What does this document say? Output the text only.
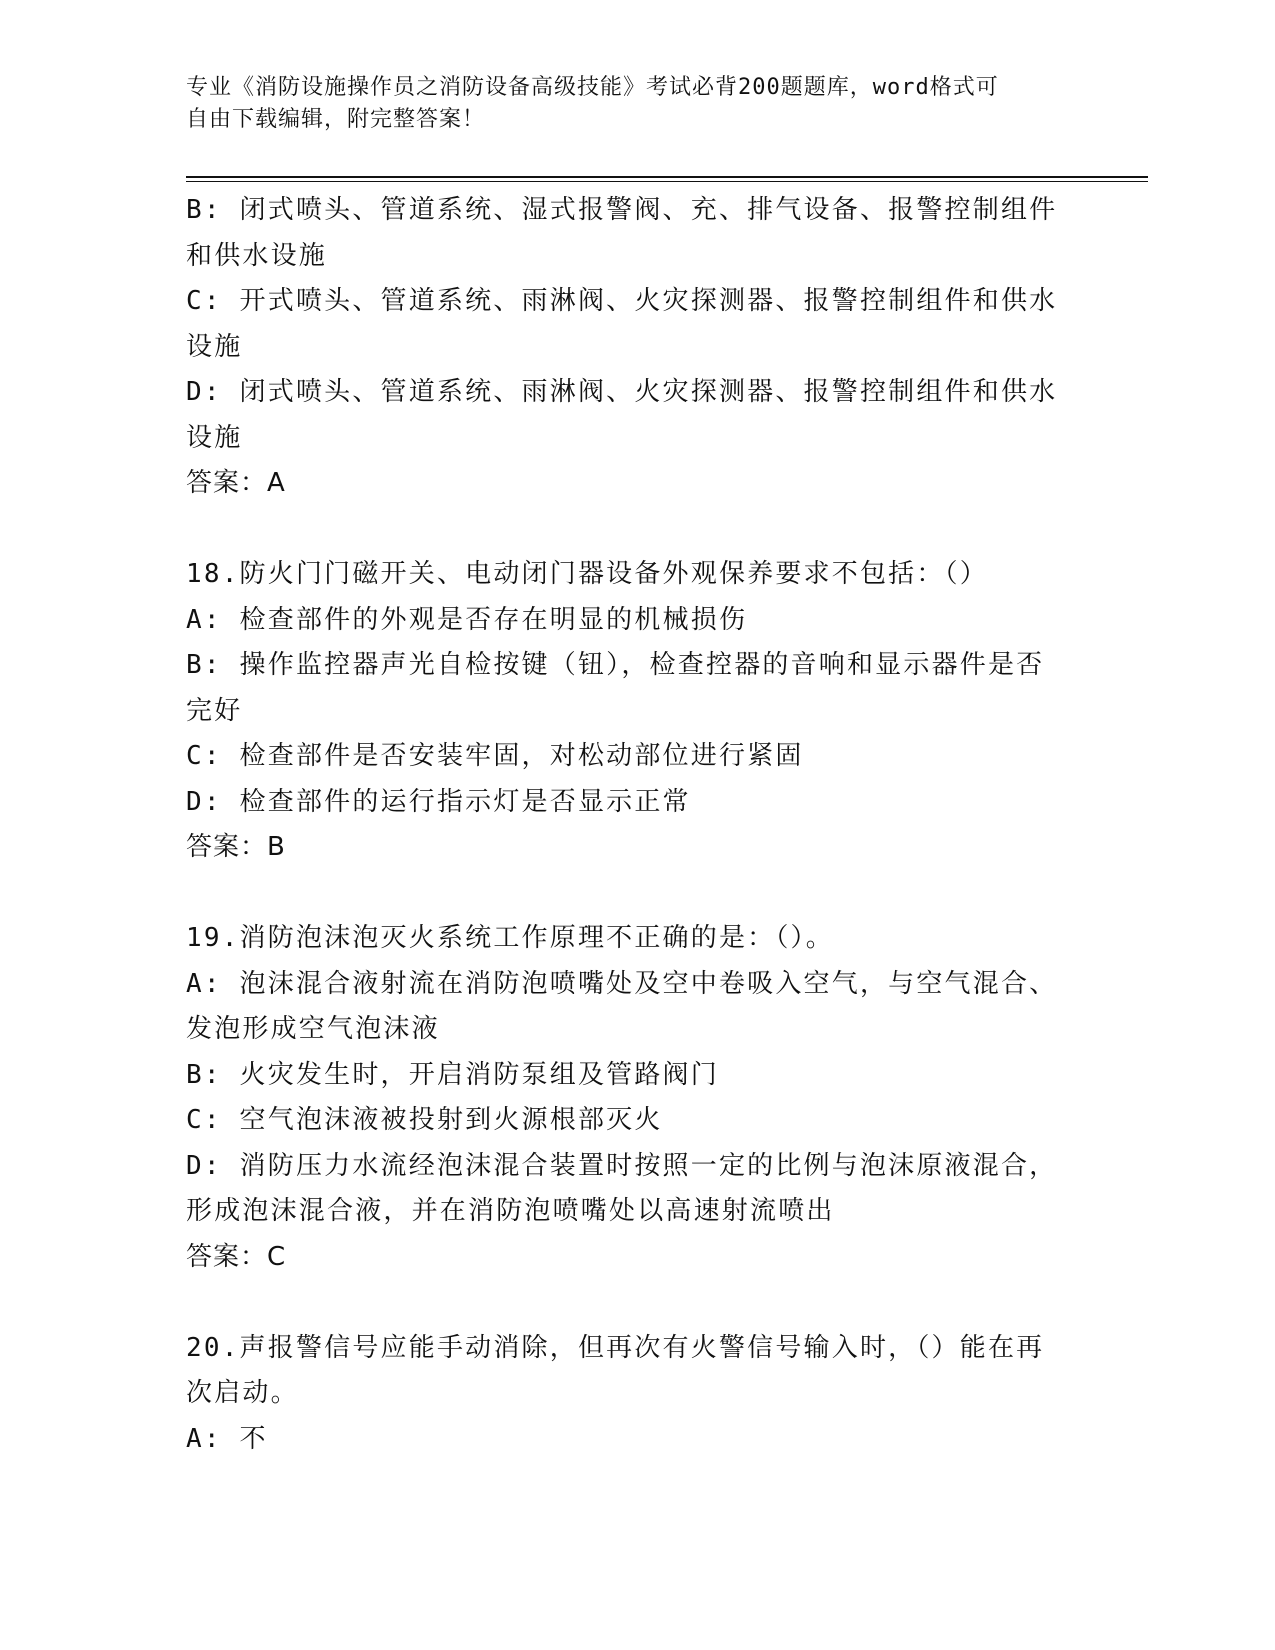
专业《消防设施操作员之消防设备高级技能》考试必背200题题库，word格式可
自由下载编辑，附完整答案！
B: 闭式喷头、管道系统、湿式报警阀、充、排气设备、报警控制组件
和供水设施
C: 开式喷头、管道系统、雨淋阀、火灾探测器、报警控制组件和供水
设施
D: 闭式喷头、管道系统、雨淋阀、火灾探测器、报警控制组件和供水
设施
答案：A
18.防火门门磁开关、电动闭门器设备外观保养要求不包括：（）
A: 检查部件的外观是否存在明显的机械损伤
B: 操作监控器声光自检按键（钮），检查控器的音响和显示器件是否
完好
C: 检查部件是否安装牢固，对松动部位进行紧固
D: 检查部件的运行指示灯是否显示正常
答案：B
19.消防泡沫泡灭火系统工作原理不正确的是：（）。
A: 泡沫混合液射流在消防泡喷嘴处及空中卷吸入空气，与空气混合、
发泡形成空气泡沫液
B: 火灾发生时，开启消防泵组及管路阀门
C: 空气泡沫液被投射到火源根部灭火
D: 消防压力水流经泡沫混合装置时按照一定的比例与泡沫原液混合，
形成泡沫混合液，并在消防泡喷嘴处以高速射流喷出
答案：C
20.声报警信号应能手动消除，但再次有火警信号输入时，（）能在再
次启动。
A: 不
